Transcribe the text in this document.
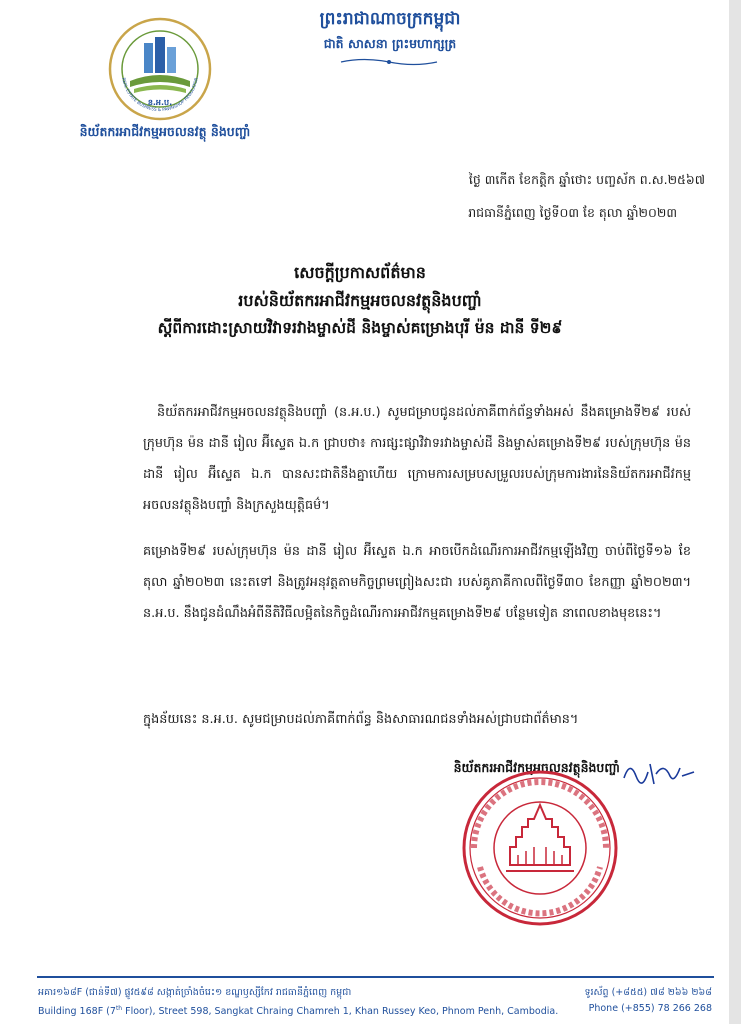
ន.អ.ប.
REAL ESTATE BUSINESS & PAWNSHOP REGULATOR
និយ័តករអាជីវកម្មអចលនវត្ថុ និងបញ្ចាំ
ព្រះរាជាណាចក្រកម្ពុជា
ជាតិ សាសនា ព្រះមហាក្សត្រ
ថ្ងៃ ៣កើត ខែកត្តិក ឆ្នាំថោះ បញ្ចស័ក ព.ស.២៥៦៧
រាជធានីភ្នំពេញ ថ្ងៃទី០៣ ខែ តុលា ឆ្នាំ២០២៣
សេចក្ដីប្រកាសព័ត៌មាន
របស់និយ័តករអាជីវកម្មអចលនវត្ថុនិងបញ្ចាំ
ស្ដីពីការដោះស្រាយវិវាទរវាងម្ចាស់ដី និងម្ចាស់គម្រោងបុរី ម៉ន ដានី ទី២៩
និយ័តករអាជីវកម្មអចលនវត្ថុនិងបញ្ចាំ (ន.អ.ប.) សូមជម្រាបជូនដល់ភាគីពាក់ព័ន្ធទាំងអស់ នឹងគម្រោងទី២៩ របស់ក្រុមហ៊ុន ម៉ន ដានី រៀល អ៊ីស្ទេត ឯ.ក ជ្រាបថា៖ ការផ្សះផ្សាវិវាទរវាងម្ចាស់ដី និងម្ចាស់គម្រោងទី២៩ របស់ក្រុមហ៊ុន ម៉ន ដានី រៀល អ៊ីស្ទេត ឯ.ក បានសះជាតិនឹងគ្នាហើយ ក្រោមការសម្របសម្រួលរបស់ក្រុមការងារនៃនិយ័តករអាជីវកម្មអចលនវត្ថុនិងបញ្ចាំ និងក្រសួងយុត្តិធម៌។
គម្រោងទី២៩ របស់ក្រុមហ៊ុន ម៉ន ដានី រៀល អ៊ីស្ទេត ឯ.ក អាចបើកដំណើរការអាជីវកម្មឡើងវិញ ចាប់ពីថ្ងៃទី១៦ ខែតុលា ឆ្នាំ២០២៣ នេះតទៅ និងត្រូវអនុវត្តតាមកិច្ចព្រមព្រៀងសះជា របស់គូភាគីកាលពីថ្ងៃទី៣០ ខែកញ្ញា ឆ្នាំ២០២៣។ ន.អ.ប. នឹងជូនដំណឹងអំពីនីតិវិធីលម្អិតនៃកិច្ចដំណើរការអាជីវកម្មគម្រោងទី២៩ បន្ថែមទៀត នាពេលខាងមុខនេះ។
ក្នុងន័យនេះ ន.អ.ប. សូមជម្រាបដល់ភាគីពាក់ព័ន្ធ និងសាធារណជនទាំងអស់ជ្រាបជាព័ត៌មាន។
និយ័តករអាជីវកម្មអចលនវត្ថុនិងបញ្ចាំ
អគារ១៦៨F (ជាន់ទី៧) ផ្លូវ៥៩៨ សង្កាត់ច្រាំងចំរេះ១ ខណ្ឌឫស្សីកែវ រាជធានីភ្នំពេញ កម្ពុជា
Building 168F (7th Floor), Street 598, Sangkat Chraing Chamreh 1, Khan Russey Keo, Phnom Penh, Cambodia.
ទូរស័ព្ទ (+៨៥៥) ៧៨ ២៦៦ ២៦៨
Phone (+855) 78 266 268
